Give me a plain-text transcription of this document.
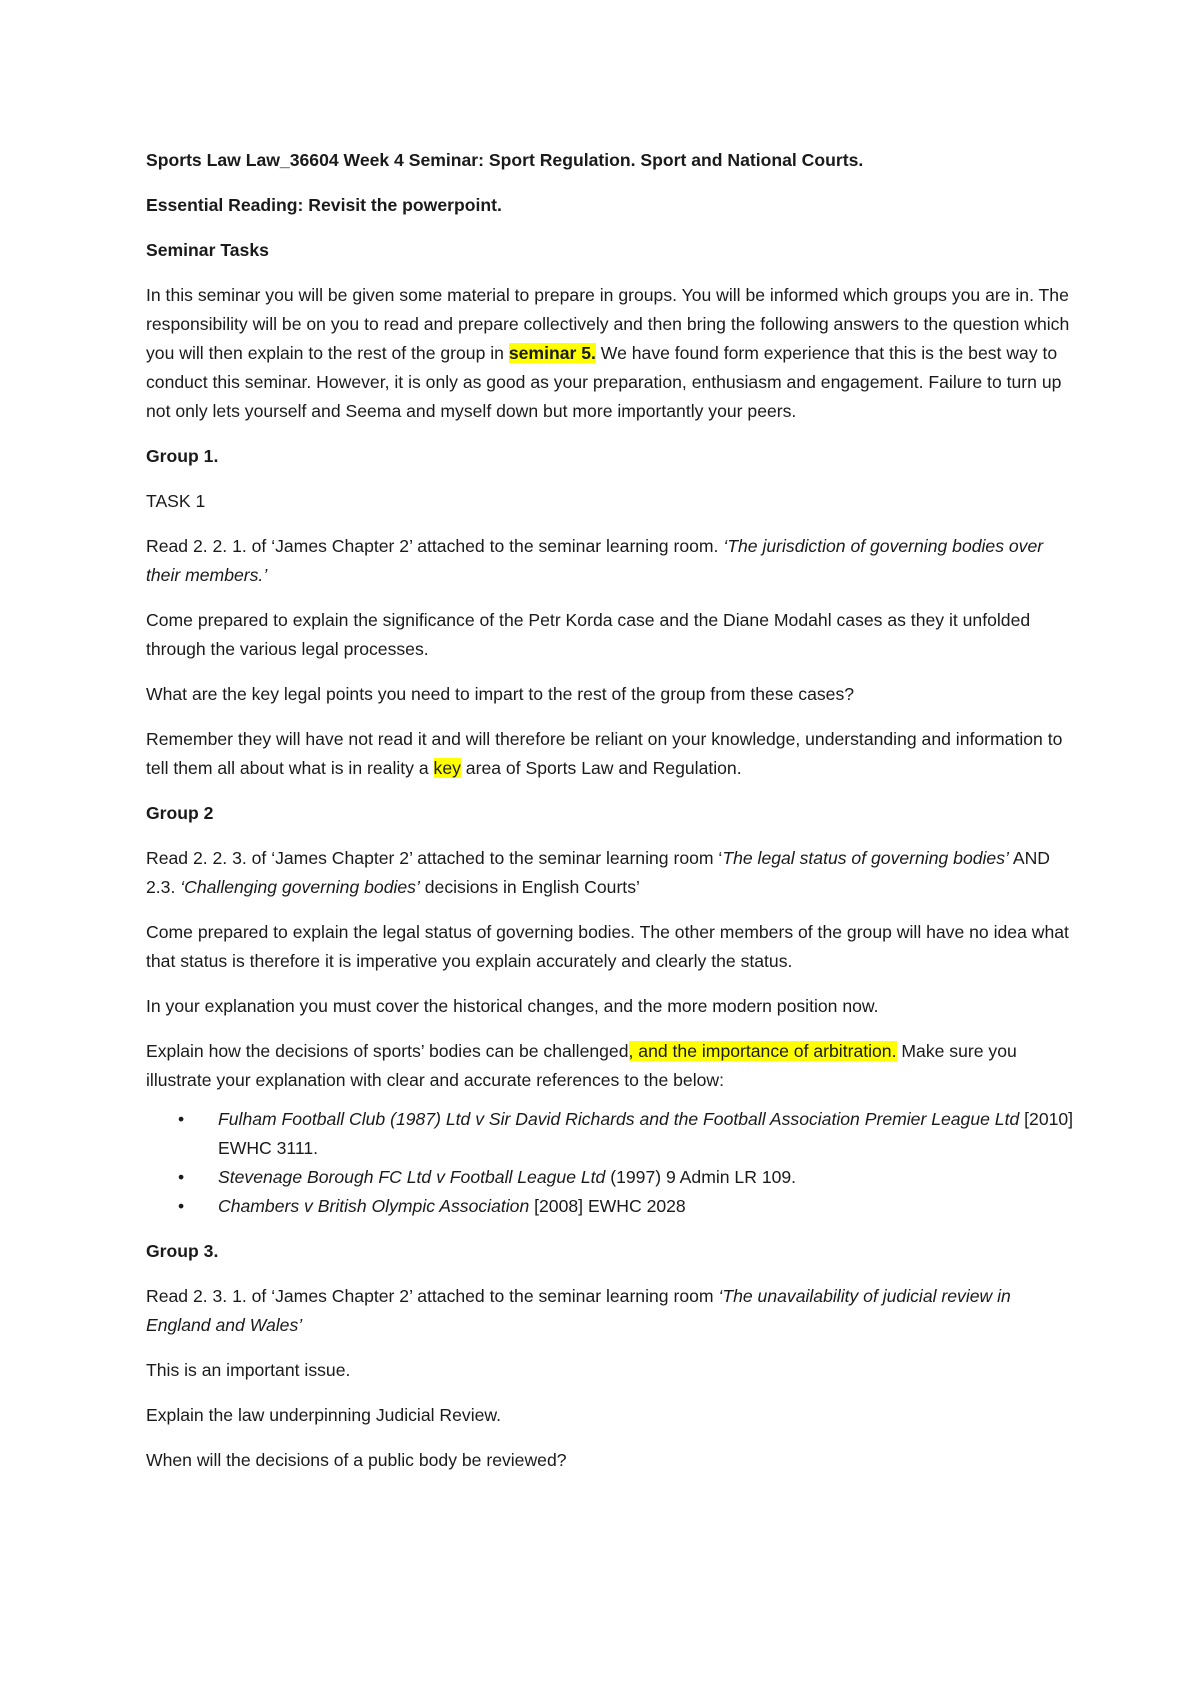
Sports Law Law_36604 Week 4 Seminar: Sport Regulation. Sport and National Courts.

Essential Reading: Revisit the powerpoint.

Seminar Tasks

In this seminar you will be given some material to prepare in groups. You will be informed which groups you are in. The responsibility will be on you to read and prepare collectively and then bring the following answers to the question which you will then explain to the rest of the group in seminar 5. We have found form experience that this is the best way to conduct this seminar. However, it is only as good as your preparation, enthusiasm and engagement. Failure to turn up not only lets yourself and Seema and myself down but more importantly your peers.

Group 1.

TASK 1

Read 2. 2. 1. of ‘James Chapter 2’ attached to the seminar learning room. ‘The jurisdiction of governing bodies over their members.’

Come prepared to explain the significance of the Petr Korda case and the Diane Modahl cases as they it unfolded through the various legal processes.

What are the key legal points you need to impart to the rest of the group from these cases?

Remember they will have not read it and will therefore be reliant on your knowledge, understanding and information to tell them all about what is in reality a key area of Sports Law and Regulation.

Group 2

Read 2. 2. 3. of ‘James Chapter 2’ attached to the seminar learning room ‘The legal status of governing bodies’ AND 2.3. ‘Challenging governing bodies’ decisions in English Courts’

Come prepared to explain the legal status of governing bodies. The other members of the group will have no idea what that status is therefore it is imperative you explain accurately and clearly the status.

In your explanation you must cover the historical changes, and the more modern position now.

Explain how the decisions of sports’ bodies can be challenged, and the importance of arbitration. Make sure you illustrate your explanation with clear and accurate references to the below:

• Fulham Football Club (1987) Ltd v Sir David Richards and the Football Association Premier League Ltd [2010] EWHC 3111.
• Stevenage Borough FC Ltd v Football League Ltd (1997) 9 Admin LR 109.
• Chambers v British Olympic Association [2008] EWHC 2028

Group 3.

Read 2. 3. 1. of ‘James Chapter 2’ attached to the seminar learning room ‘The unavailability of judicial review in England and Wales’

This is an important issue.

Explain the law underpinning Judicial Review.

When will the decisions of a public body be reviewed?
